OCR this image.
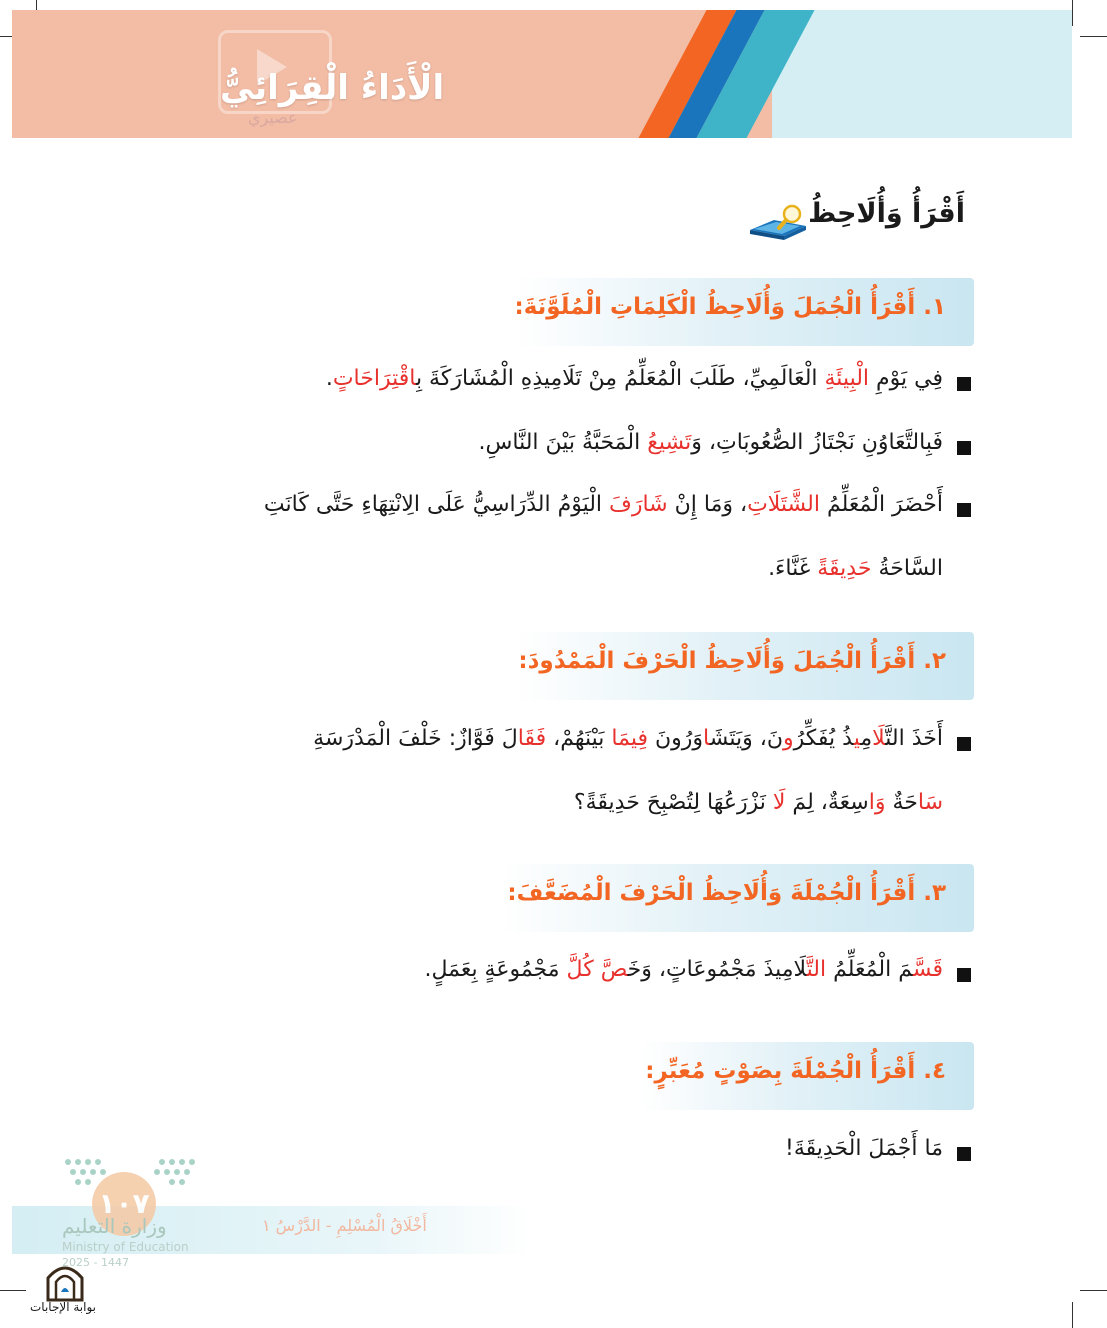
عصيري
الْأَدَاءُ الْقِرَائِيُّ
أَقْرَأُ وَأُلَاحِظُ
١. أَقْرَأُ الْجُمَلَ وَأُلَاحِظُ الْكَلِمَاتِ الْمُلَوَّنَةَ:
٢. أَقْرَأُ الْجُمَلَ وَأُلَاحِظُ الْحَرْفَ الْمَمْدُودَ:
٣. أَقْرَأُ الْجُمْلَةَ وَأُلَاحِظُ الْحَرْفَ الْمُضَعَّفَ:
٤. أَقْرَأُ الْجُمْلَةَ بِصَوْتٍ مُعَبِّرٍ:
فِي يَوْمِ الْبِيئَةِ الْعَالَمِيِّ، طَلَبَ الْمُعَلِّمُ مِنْ تَلَامِيذِهِ الْمُشَارَكَةَ بِاقْتِرَاحَاتٍ.
فَبِالتَّعَاوُنِ نَجْتَازُ الصُّعُوبَاتِ، وَتَشِيعُ الْمَحَبَّةُ بَيْنَ النَّاسِ.
أَحْضَرَ الْمُعَلِّمُ الشَّتَلَاتِ، وَمَا إِنْ شَارَفَ الْيَوْمُ الدِّرَاسِيُّ عَلَى الِانْتِهَاءِ حَتَّى كَانَتِ
السَّاحَةُ حَدِيقَةً غَنَّاءَ.
أَخَذَ التَّلَامِيذُ يُفَكِّرُونَ، وَيَتَشَاوَرُونَ فِيمَا بَيْنَهُمْ، فَقَالَ فَوَّازٌ: خَلْفَ الْمَدْرَسَةِ
سَاحَةٌ وَاسِعَةٌ، لِمَ لَا نَزْرَعُهَا لِتُصْبِحَ حَدِيقَةً؟
قَسَّمَ الْمُعَلِّمُ التَّلَامِيذَ مَجْمُوعَاتٍ، وَخَصَّ كُلَّ مَجْمُوعَةٍ بِعَمَلٍ.
مَا أَجْمَلَ الْحَدِيقَةَ!
١٠٧
وزارة التعليم
Ministry of Education
2025 - 1447
أَخْلَاقُ الْمُسْلِمِ - الدَّرْسُ ١
بوابة الإجابات
